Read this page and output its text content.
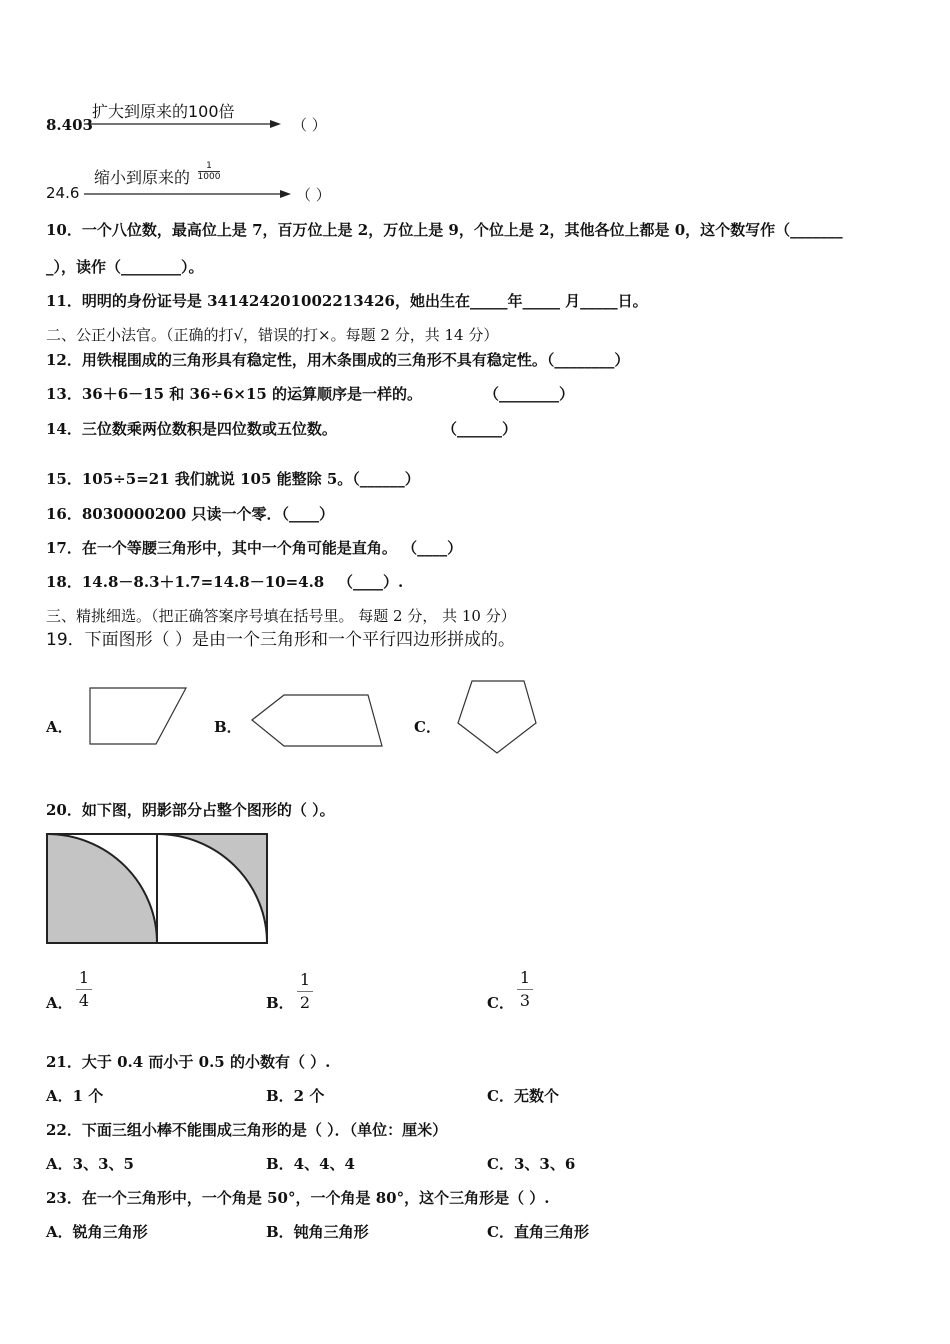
扩大到原来的100倍
8.403	（ ）
缩小到原来的
1
1000
24.6	（ ）
10．一个八位数，最高位上是 7，百万位上是 2，万位上是 9，个位上是 2，其他各位上都是 0，这个数写作（_______
_），读作（________）。
11．明明的身份证号是 341424201002213426，她出生在_____年_____ 月_____日。
二、公正小法官。（正确的打√，错误的打×。每题 2 分，共 14 分）
12．用铁棍围成的三角形具有稳定性，用木条围成的三角形不具有稳定性。（________）
13．36＋6－15 和 36÷6×15 的运算顺序是一样的。	（________）
14．三位数乘两位数积是四位数或五位数。	（______）
15．105÷5=21 我们就说 105 能整除 5。（______）
16．8030000200 只读一个零．（____）
17．在一个等腰三角形中，其中一个角可能是直角。 （____）
18．14.8－8.3＋1.7=14.8－10=4.8 （____）.
三、精挑细选。（把正确答案序号填在括号里。 每题 2 分， 共 10 分）
19．下面图形（ ）是由一个三角形和一个平行四边形拼成的。
A．	B．	C．
20．如下图，阴影部分占整个图形的（ ）。
A．
1
4	B．
1
2	C．
1
3
21．大于 0.4 而小于 0.5 的小数有（ ）.
A．1 个	B．2 个	C．无数个
22．下面三组小棒不能围成三角形的是（ ）．（单位：厘米）
A．3、3、5	B．4、4、4	C．3、3、6
23．在一个三角形中，一个角是 50°，一个角是 80°，这个三角形是（ ）.
A．锐角三角形	B．钝角三角形	C．直角三角形
